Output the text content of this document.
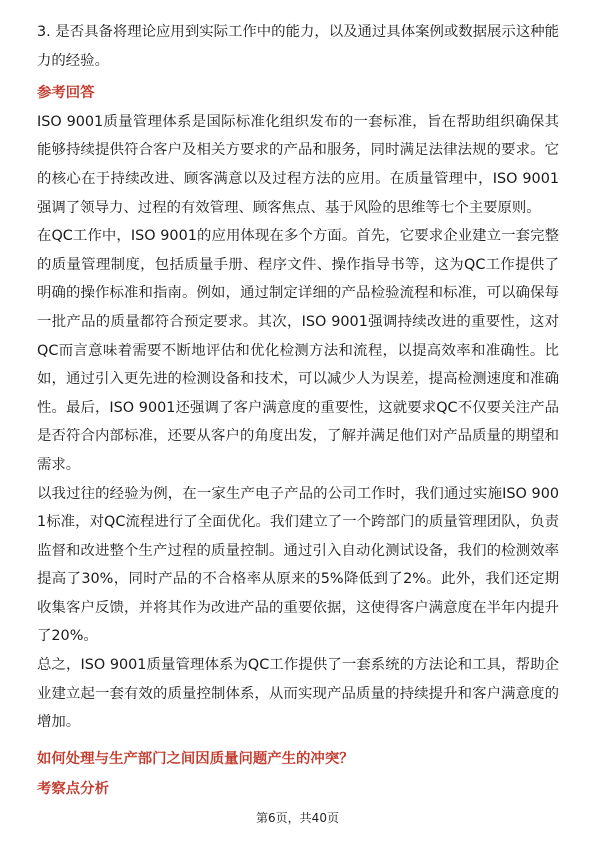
3. 是否具备将理论应用到实际工作中的能力，以及通过具体案例或数据展示这种能力的经验。

参考回答

ISO 9001质量管理体系是国际标准化组织发布的一套标准，旨在帮助组织确保其能够持续提供符合客户及相关方要求的产品和服务，同时满足法律法规的要求。它的核心在于持续改进、顾客满意以及过程方法的应用。在质量管理中，ISO 9001强调了领导力、过程的有效管理、顾客焦点、基于风险的思维等七个主要原则。

在QC工作中，ISO 9001的应用体现在多个方面。首先，它要求企业建立一套完整的质量管理制度，包括质量手册、程序文件、操作指导书等，这为QC工作提供了明确的操作标准和指南。例如，通过制定详细的产品检验流程和标准，可以确保每一批产品的质量都符合预定要求。其次，ISO 9001强调持续改进的重要性，这对QC而言意味着需要不断地评估和优化检测方法和流程，以提高效率和准确性。比如，通过引入更先进的检测设备和技术，可以减少人为误差，提高检测速度和准确性。最后，ISO 9001还强调了客户满意度的重要性，这就要求QC不仅要关注产品是否符合内部标准，还要从客户的角度出发，了解并满足他们对产品质量的期望和需求。

以我过往的经验为例，在一家生产电子产品的公司工作时，我们通过实施ISO 9001标准，对QC流程进行了全面优化。我们建立了一个跨部门的质量管理团队，负责监督和改进整个生产过程的质量控制。通过引入自动化测试设备，我们的检测效率提高了30%，同时产品的不合格率从原来的5%降低到了2%。此外，我们还定期收集客户反馈，并将其作为改进产品的重要依据，这使得客户满意度在半年内提升了20%。

总之，ISO 9001质量管理体系为QC工作提供了一套系统的方法论和工具，帮助企业建立起一套有效的质量控制体系，从而实现产品质量的持续提升和客户满意度的增加。

如何处理与生产部门之间因质量问题产生的冲突？

考察点分析

第6页，共40页
